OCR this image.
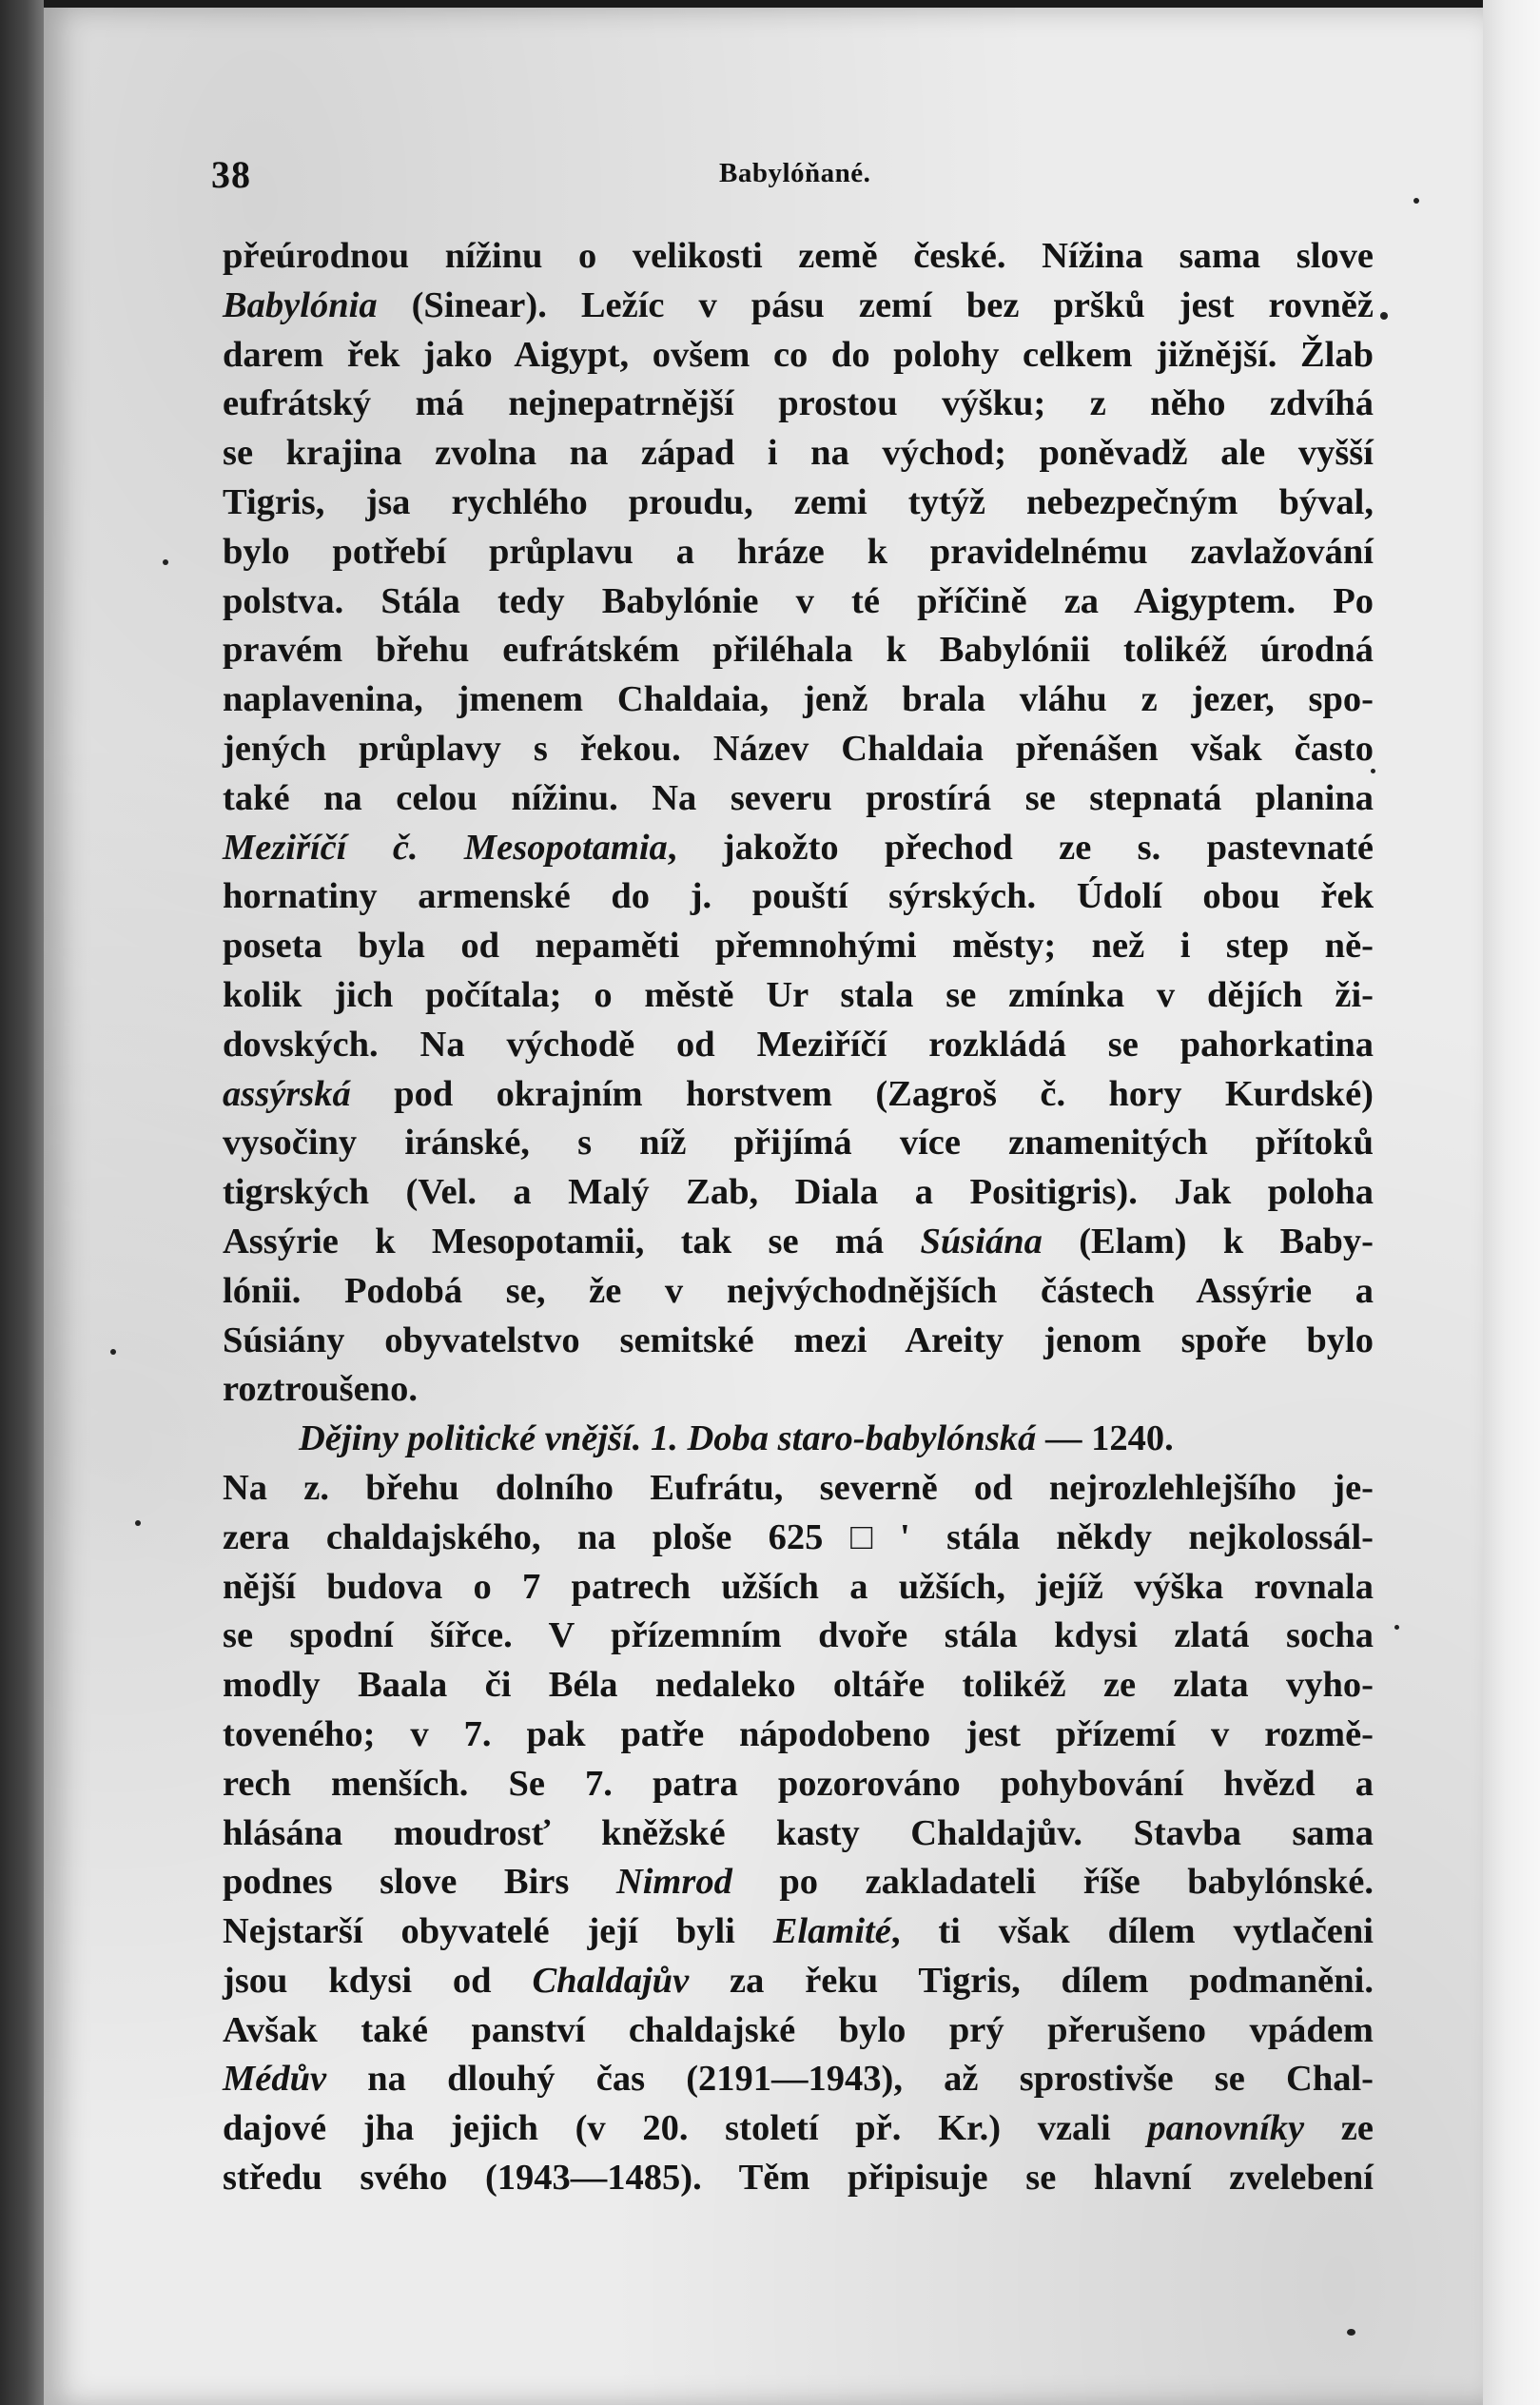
38	Babylóňané.
přeúrodnou nížinu o velikosti země české. Nížina sama slove
Babylónia (Sinear). Ležíc v pásu zemí bez pršků jest rovněž
darem řek jako Aigypt, ovšem co do polohy celkem jižnější. Žlab
eufrátský má nejnepatrnější prostou výšku; z něho zdvíhá
se krajina zvolna na západ i na východ; poněvadž ale vyšší
Tigris, jsa rychlého proudu, zemi tytýž nebezpečným býval,
bylo potřebí průplavu a hráze k pravidelnému zavlažování
polstva. Stála tedy Babylónie v té příčině za Aigyptem. Po
pravém břehu eufrátském přiléhala k Babylónii tolikéž úrodná
naplavenina, jmenem Chaldaia, jenž brala vláhu z jezer, spo-
jených průplavy s řekou. Název Chaldaia přenášen však často
také na celou nížinu. Na severu prostírá se stepnatá planina
Meziříčí č. Mesopotamia, jakožto přechod ze s. pastevnaté
hornatiny armenské do j. pouští sýrských. Údolí obou řek
poseta byla od nepaměti přemnohými městy; než i step ně-
kolik jich počítala; o městě Ur stala se zmínka v dějích ži-
dovských. Na východě od Meziříčí rozkládá se pahorkatina
assýrská pod okrajním horstvem (Zagroš č. hory Kurdské)
vysočiny iránské, s níž přijímá více znamenitých přítoků
tigrských (Vel. a Malý Zab, Diala a Positigris). Jak poloha
Assýrie k Mesopotamii, tak se má Súsiána (Elam) k Baby-
lónii. Podobá se, že v nejvýchodnějších částech Assýrie a
Súsiány obyvatelstvo semitské mezi Areity jenom spoře bylo
roztroušeno.
Dějiny politické vnější. 1. Doba staro-babylónská — 1240.
Na z. břehu dolního Eufrátu, severně od nejrozlehlejšího je-
zera chaldajského, na ploše 625□' stála někdy nejkolossál-
nější budova o 7 patrech užších a užších, jejíž výška rovnala
se spodní šířce. V přízemním dvoře stála kdysi zlatá socha
modly Baala či Béla nedaleko oltáře tolikéž ze zlata vyho-
toveného; v 7. pak patře nápodobeno jest přízemí v rozmě-
rech menších. Se 7. patra pozorováno pohybování hvězd a
hlásána moudrosť kněžské kasty Chaldajův. Stavba sama
podnes slove Birs Nimrod po zakladateli říše babylónské.
Nejstarší obyvatelé její byli Elamité, ti však dílem vytlačeni
jsou kdysi od Chaldajův za řeku Tigris, dílem podmaněni.
Avšak také panství chaldajské bylo prý přerušeno vpádem
Médův na dlouhý čas (2191—1943), až sprostivše se Chal-
dajové jha jejich (v 20. století př. Kr.) vzali panovníky ze
středu svého (1943—1485). Těm připisuje se hlavní zvelebení
